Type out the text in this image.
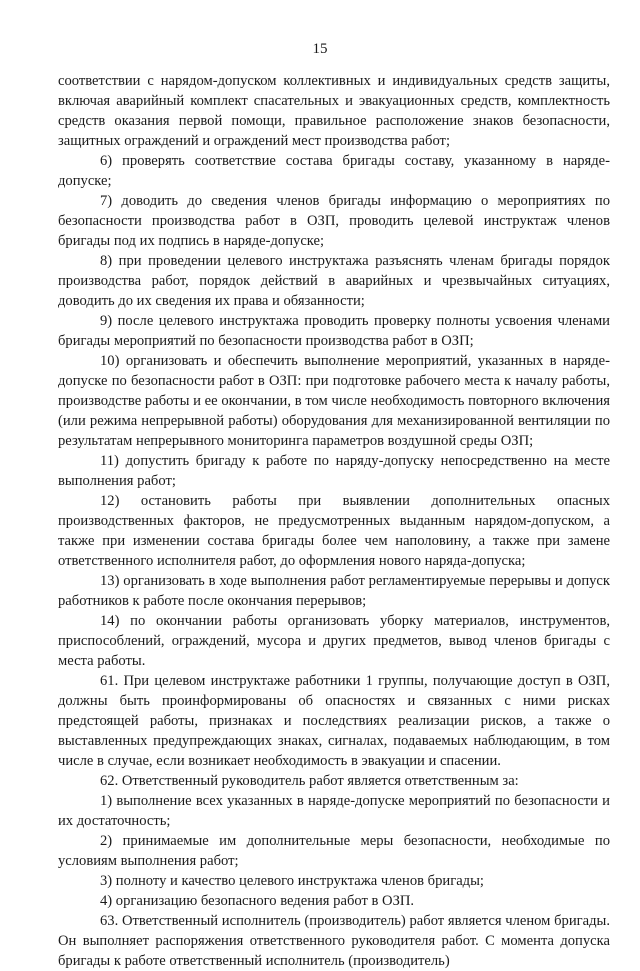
15

соответствии с нарядом-допуском коллективных и индивидуальных средств защиты, включая аварийный комплект спасательных и эвакуационных средств, комплектность средств оказания первой помощи, правильное расположение знаков безопасности, защитных ограждений и ограждений мест производства работ;

6) проверять соответствие состава бригады составу, указанному в наряде-допуске;

7) доводить до сведения членов бригады информацию о мероприятиях по безопасности производства работ в ОЗП, проводить целевой инструктаж членов бригады под их подпись в наряде-допуске;

8) при проведении целевого инструктажа разъяснять членам бригады порядок производства работ, порядок действий в аварийных и чрезвычайных ситуациях, доводить до их сведения их права и обязанности;

9) после целевого инструктажа проводить проверку полноты усвоения членами бригады мероприятий по безопасности производства работ в ОЗП;

10) организовать и обеспечить выполнение мероприятий, указанных в наряде-допуске по безопасности работ в ОЗП: при подготовке рабочего места к началу работы, производстве работы и ее окончании, в том числе необходимость повторного включения (или режима непрерывной работы) оборудования для механизированной вентиляции по результатам непрерывного мониторинга параметров воздушной среды ОЗП;

11) допустить бригаду к работе по наряду-допуску непосредственно на месте выполнения работ;

12) остановить работы при выявлении дополнительных опасных производственных факторов, не предусмотренных выданным нарядом-допуском, а также при изменении состава бригады более чем наполовину, а также при замене ответственного исполнителя работ, до оформления нового наряда-допуска;

13) организовать в ходе выполнения работ регламентируемые перерывы и допуск работников к работе после окончания перерывов;

14) по окончании работы организовать уборку материалов, инструментов, приспособлений, ограждений, мусора и других предметов, вывод членов бригады с места работы.

61. При целевом инструктаже работники 1 группы, получающие доступ в ОЗП, должны быть проинформированы об опасностях и связанных с ними рисках предстоящей работы, признаках и последствиях реализации рисков, а также о выставленных предупреждающих знаках, сигналах, подаваемых наблюдающим, в том числе в случае, если возникает необходимость в эвакуации и спасении.

62. Ответственный руководитель работ является ответственным за:

1) выполнение всех указанных в наряде-допуске мероприятий по безопасности и их достаточность;

2) принимаемые им дополнительные меры безопасности, необходимые по условиям выполнения работ;

3) полноту и качество целевого инструктажа членов бригады;

4) организацию безопасного ведения работ в ОЗП.

63. Ответственный исполнитель (производитель) работ является членом бригады. Он выполняет распоряжения ответственного руководителя работ. С момента допуска бригады к работе ответственный исполнитель (производитель)
